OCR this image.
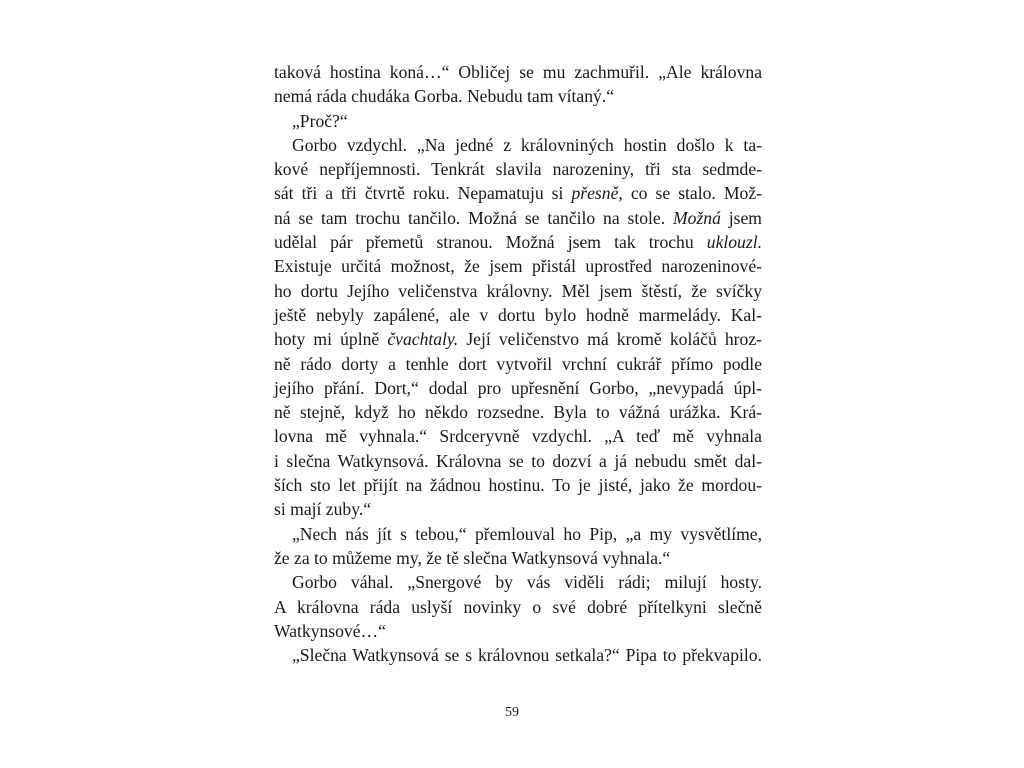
taková hostina koná…“ Obličej se mu zachmuřil. „Ale královna
nemá ráda chudáka Gorba. Nebudu tam vítaný.“
„Proč?“
Gorbo vzdychl. „Na jedné z královniných hostin došlo k ta-
kové nepříjemnosti. Tenkrát slavila narozeniny, tři sta sedmde-
sát tři a tři čtvrtě roku. Nepamatuju si přesně, co se stalo. Mož-
ná se tam trochu tančilo. Možná se tančilo na stole. Možná jsem
udělal pár přemetů stranou. Možná jsem tak trochu uklouzl.
Existuje určitá možnost, že jsem přistál uprostřed narozeninové-
ho dortu Jejího veličenstva královny. Měl jsem štěstí, že svíčky
ještě nebyly zapálené, ale v dortu bylo hodně marmelády. Kal-
hoty mi úplně čvachtaly. Její veličenstvo má kromě koláčů hroz-
ně rádo dorty a tenhle dort vytvořil vrchní cukrář přímo podle
jejího přání. Dort,“ dodal pro upřesnění Gorbo, „nevypadá úpl-
ně stejně, když ho někdo rozsedne. Byla to vážná urážka. Krá-
lovna mě vyhnala.“ Srdceryvně vzdychl. „A teď mě vyhnala
i slečna Watkynsová. Královna se to dozví a já nebudu smět dal-
ších sto let přijít na žádnou hostinu. To je jisté, jako že mordou-
si mají zuby.“
„Nech nás jít s tebou,“ přemlouval ho Pip, „a my vysvětlíme,
že za to můžeme my, že tě slečna Watkynsová vyhnala.“
Gorbo váhal. „Snergové by vás viděli rádi; milují hosty.
A královna ráda uslyší novinky o své dobré přítelkyni slečně
Watkynsové…“
„Slečna Watkynsová se s královnou setkala?“ Pipa to překvapilo.
59
